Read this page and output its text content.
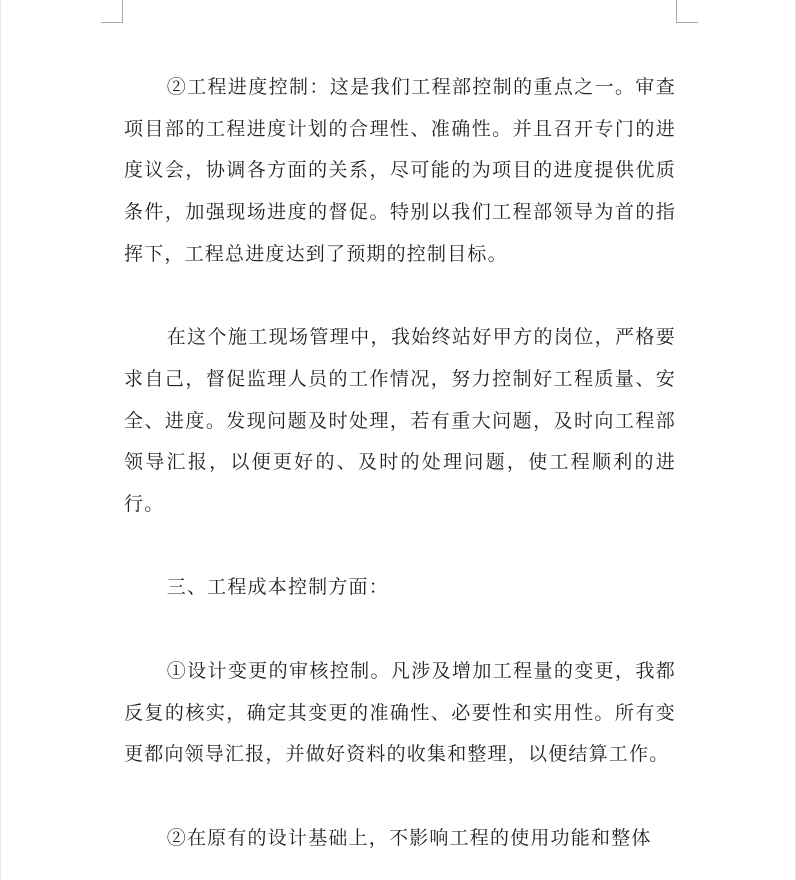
②工程进度控制：这是我们工程部控制的重点之一。审查项目部的工程进度计划的合理性、准确性。并且召开专门的进度议会，协调各方面的关系，尽可能的为项目的进度提供优质条件，加强现场进度的督促。特别以我们工程部领导为首的指挥下，工程总进度达到了预期的控制目标。

在这个施工现场管理中，我始终站好甲方的岗位，严格要求自己，督促监理人员的工作情况，努力控制好工程质量、安全、进度。发现问题及时处理，若有重大问题，及时向工程部领导汇报，以便更好的、及时的处理问题，使工程顺利的进行。

三、工程成本控制方面：

①设计变更的审核控制。凡涉及增加工程量的变更，我都反复的核实，确定其变更的准确性、必要性和实用性。所有变更都向领导汇报，并做好资料的收集和整理，以便结算工作。

②在原有的设计基础上，不影响工程的使用功能和整体
